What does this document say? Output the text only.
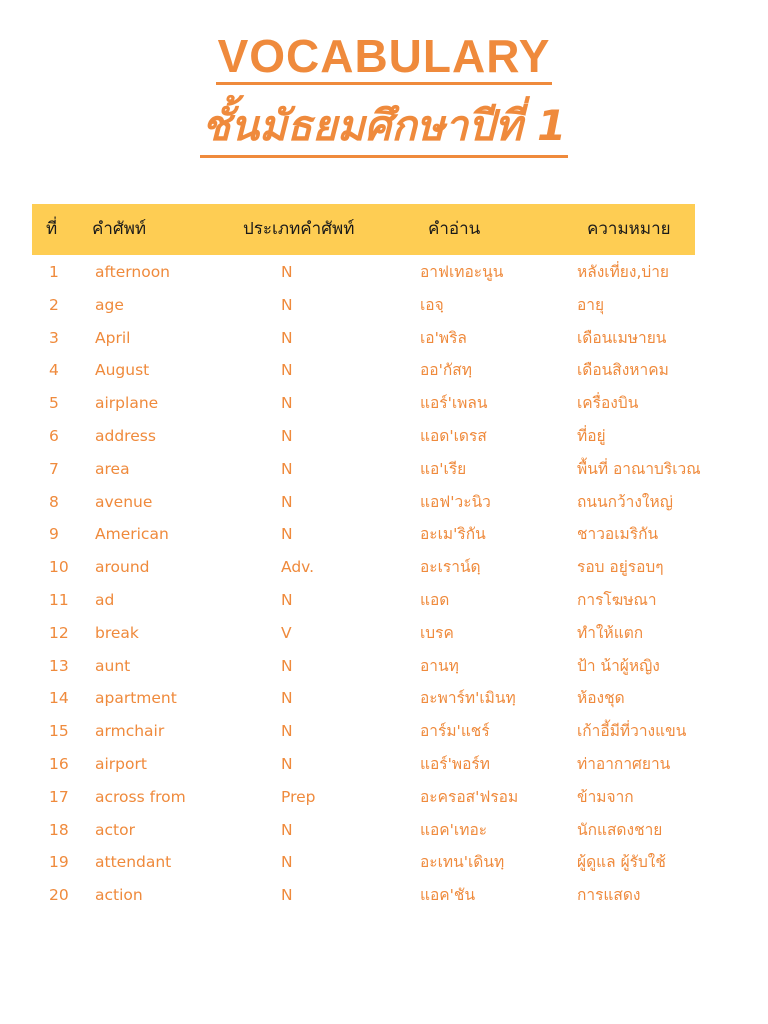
VOCABULARY
ชั้นมัธยมศึกษาปีที่ 1
ที่ คำศัพท์	ประเภทคำศัพท์	คำอ่าน	ความหมาย
1 afternoon	N	อาฟเทอะนูน	หลังเที่ยง,บ่าย
2 age	N	เอจฺ	อายุ
3 April	N	เอ'พริล	เดือนเมษายน
4 August	N	ออ'กัสทฺ	เดือนสิงหาคม
5 airplane	N	แอร์'เพลน	เครื่องบิน
6 address	N	แอด'เดรส	ที่อยู่
7 area	N	แอ'เรีย	พื้นที่ อาณาบริเวณ
8 avenue	N	แอฟ'วะนิว	ถนนกว้างใหญ่
9 American	N	อะเม'ริกัน	ชาวอเมริกัน
10 around	Adv.	อะเราน์ดฺ	รอบ อยู่รอบๆ
11 ad	N	แอด	การโฆษณา
12 break	V	เบรค	ทำให้แตก
13 aunt	N	อานทฺ	ป้า น้าผู้หญิง
14 apartment	N	อะพาร์ท'เมินทฺ	ห้องชุด
15 armchair	N	อาร์ม'แชร์	เก้าอี้มีที่วางแขน
16 airport	N	แอร์'พอร์ท	ท่าอากาศยาน
17 across from	Prep	อะครอส'ฟรอม	ข้ามจาก
18 actor	N	แอค'เทอะ	นักแสดงชาย
19 attendant	N	อะเทน'เดินทฺ	ผู้ดูแล ผู้รับใช้
20 action	N	แอค'ชัน	การแสดง
